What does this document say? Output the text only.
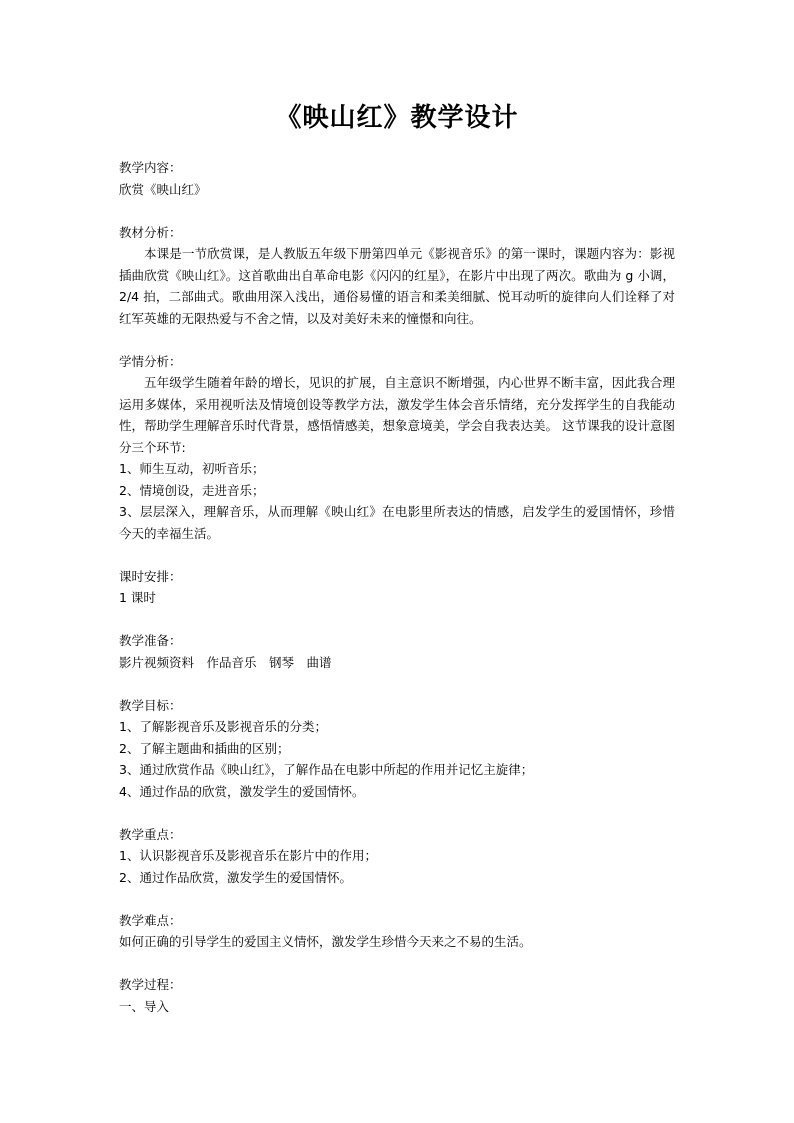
《映山红》教学设计
教学内容：
欣赏《映山红》
教材分析：
本课是一节欣赏课，是人教版五年级下册第四单元《影视音乐》的第一课时，课题内容为：影视插曲欣赏《映山红》。这首歌曲出自革命电影《闪闪的红星》，在影片中出现了两次。歌曲为 g 小调，2/4 拍，二部曲式。歌曲用深入浅出，通俗易懂的语言和柔美细腻、悦耳动听的旋律向人们诠释了对红军英雄的无限热爱与不舍之情，以及对美好未来的憧憬和向往。
学情分析：
五年级学生随着年龄的增长，见识的扩展，自主意识不断增强，内心世界不断丰富，因此我合理运用多媒体，采用视听法及情境创设等教学方法，激发学生体会音乐情绪，充分发挥学生的自我能动性，帮助学生理解音乐时代背景，感悟情感美，想象意境美，学会自我表达美。 这节课我的设计意图分三个环节:
1、师生互动，初听音乐；
2、情境创设，走进音乐；
3、层层深入，理解音乐，从而理解《映山红》在电影里所表达的情感，启发学生的爱国情怀，珍惜今天的幸福生活。
课时安排：
1 课时
教学准备：
影片视频资料　作品音乐　钢琴　曲谱
教学目标：
1、了解影视音乐及影视音乐的分类；
2、了解主题曲和插曲的区别；
3、通过欣赏作品《映山红》，了解作品在电影中所起的作用并记忆主旋律；
4、通过作品的欣赏，激发学生的爱国情怀。
教学重点：
1、认识影视音乐及影视音乐在影片中的作用；
2、通过作品欣赏，激发学生的爱国情怀。
教学难点：
如何正确的引导学生的爱国主义情怀，激发学生珍惜今天来之不易的生活。
教学过程：
一、导入
